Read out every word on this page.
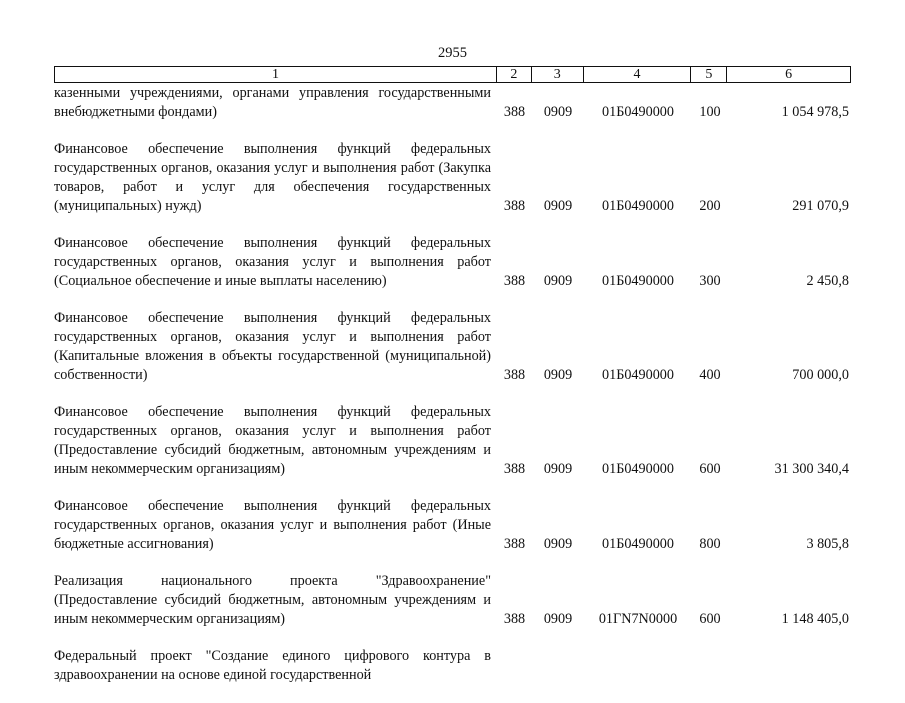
2955
1	2	3	4	5	6
казенными учреждениями, органами управления государственными внебюджетными фондами)	388	0909	01Б0490000	100	1 054 978,5
Финансовое обеспечение выполнения функций федеральных государственных органов, оказания услуг и выполнения работ (Закупка товаров, работ и услуг для обеспечения государственных (муниципальных) нужд)	388	0909	01Б0490000	200	291 070,9
Финансовое обеспечение выполнения функций федеральных государственных органов, оказания услуг и выполнения работ (Социальное обеспечение и иные выплаты населению)	388	0909	01Б0490000	300	2 450,8
Финансовое обеспечение выполнения функций федеральных государственных органов, оказания услуг и выполнения работ (Капитальные вложения в объекты государственной (муниципальной) собственности)	388	0909	01Б0490000	400	700 000,0
Финансовое обеспечение выполнения функций федеральных государственных органов, оказания услуг и выполнения работ (Предоставление субсидий бюджетным, автономным учреждениям и иным некоммерческим организациям)	388	0909	01Б0490000	600	31 300 340,4
Финансовое обеспечение выполнения функций федеральных государственных органов, оказания услуг и выполнения работ (Иные бюджетные ассигнования)	388	0909	01Б0490000	800	3 805,8
Реализация национального проекта "Здравоохранение" (Предоставление субсидий бюджетным, автономным учреждениям и иным некоммерческим организациям)	388	0909	01ГN7N0000	600	1 148 405,0
Федеральный проект "Создание единого цифрового контура в здравоохранении на основе единой государственной
